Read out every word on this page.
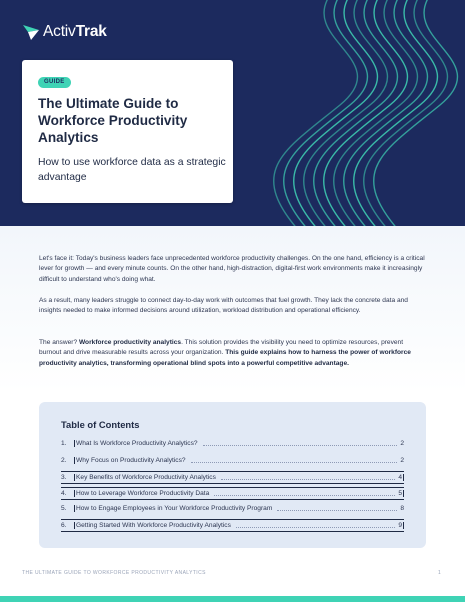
ActivTrak
GUIDE
The Ultimate Guide to Workforce Productivity Analytics
How to use workforce data as a strategic advantage

Let's face it: Today's business leaders face unprecedented workforce productivity challenges. On the one hand, efficiency is a critical lever for growth — and every minute counts. On the other hand, high-distraction, digital-first work environments make it increasingly difficult to understand who's doing what.

As a result, many leaders struggle to connect day-to-day work with outcomes that fuel growth. They lack the concrete data and insights needed to make informed decisions around utilization, workload distribution and operational efficiency.

The answer? Workforce productivity analytics. This solution provides the visibility you need to optimize resources, prevent burnout and drive measurable results across your organization. This guide explains how to harness the power of workforce productivity analytics, transforming operational blind spots into a powerful competitive advantage.

Table of Contents
1.	What Is Workforce Productivity Analytics?	2
2.	Why Focus on Productivity Analytics?	2
3.	Key Benefits of Workforce Productivity Analytics	4
4.	How to Leverage Workforce Productivity Data	5
5.	How to Engage Employees in Your Workforce Productivity Program	8
6.	Getting Started With Workforce Productivity Analytics	9
THE ULTIMATE GUIDE TO WORKFORCE PRODUCTIVITY ANALYTICS	1
